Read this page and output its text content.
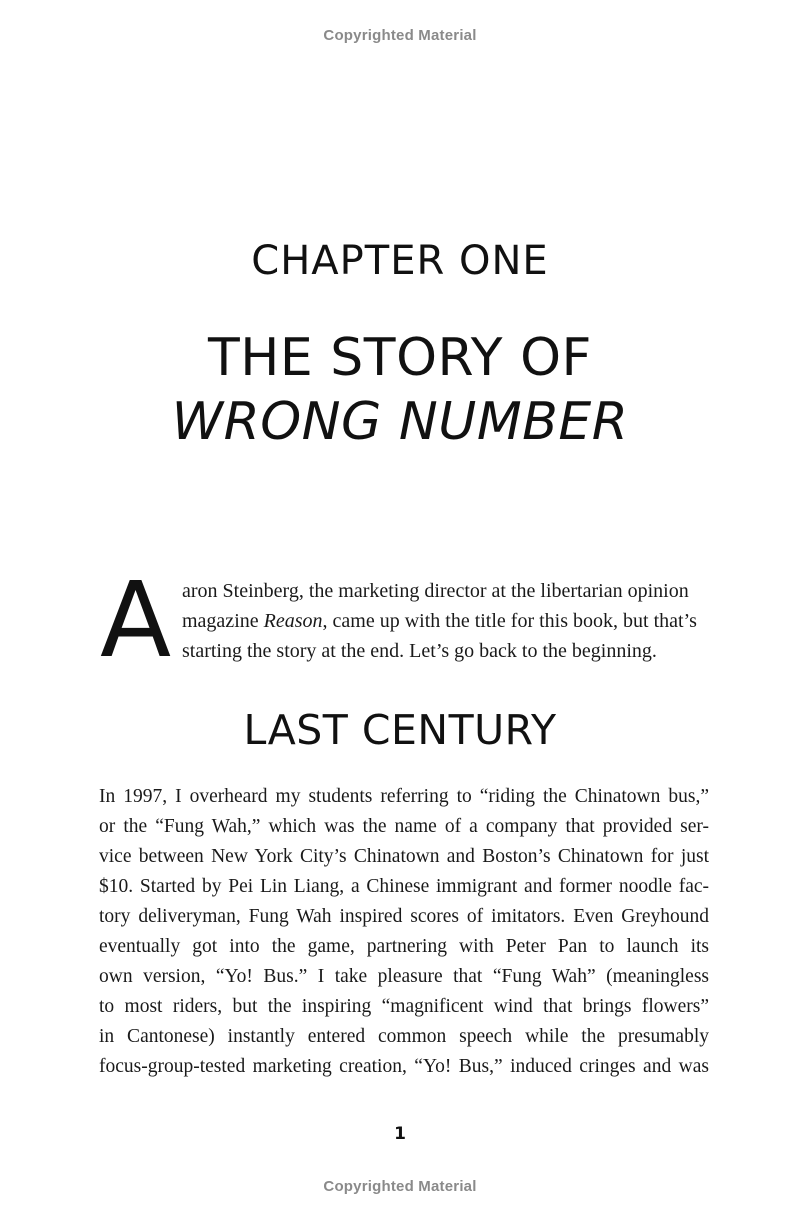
Copyrighted Material
CHAPTER ONE
THE STORY OF
WRONG NUMBER
A aron Steinberg, the marketing director at the libertarian opinion

magazine Reason, came up with the title for this book, but that’s

starting the story at the end. Let’s go back to the beginning.

LAST CENTURY
In 1997, I overheard my students referring to “riding the Chinatown bus,”
or the “Fung Wah,” which was the name of a company that provided ser-
vice between New York City’s Chinatown and Boston’s Chinatown for just
$10. Started by Pei Lin Liang, a Chinese immigrant and former noodle fac-
tory deliveryman, Fung Wah inspired scores of imitators. Even Greyhound
eventually got into the game, partnering with Peter Pan to launch its
own version, “Yo! Bus.” I take pleasure that “Fung Wah” (meaningless
to most riders, but the inspiring “magnificent wind that brings flowers”
in Cantonese) instantly entered common speech while the presumably
focus-group-tested marketing creation, “Yo! Bus,” induced cringes and was
1
Copyrighted Material
